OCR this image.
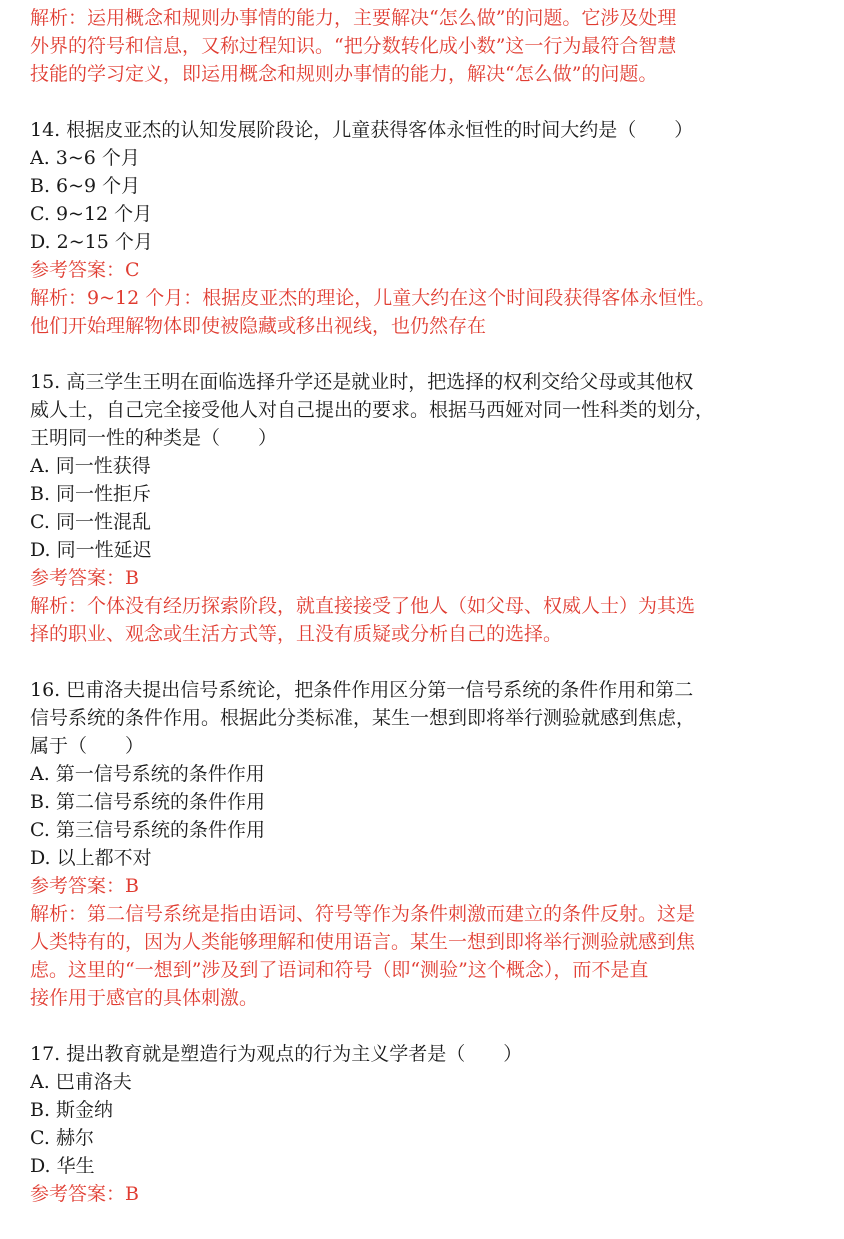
解析：运用概念和规则办事情的能力，主要解决“怎么做”的问题。它涉及处理
外界的符号和信息，又称过程知识。“把分数转化成小数”这一行为最符合智慧
技能的学习定义，即运用概念和规则办事情的能力，解决“怎么做”的问题。
14. 根据皮亚杰的认知发展阶段论，儿童获得客体永恒性的时间大约是（　　）
A. 3~6 个月
B. 6~9 个月
C. 9~12 个月
D. 2~15 个月
参考答案：C
解析：9~12 个月：根据皮亚杰的理论，儿童大约在这个时间段获得客体永恒性。
他们开始理解物体即使被隐藏或移出视线，也仍然存在
15. 高三学生王明在面临选择升学还是就业时，把选择的权利交给父母或其他权
威人士，自己完全接受他人对自己提出的要求。根据马西娅对同一性科类的划分，
王明同一性的种类是（　　）
A. 同一性获得
B. 同一性拒斥
C. 同一性混乱
D. 同一性延迟
参考答案：B
解析：个体没有经历探索阶段，就直接接受了他人（如父母、权威人士）为其选
择的职业、观念或生活方式等，且没有质疑或分析自己的选择。
16. 巴甫洛夫提出信号系统论，把条件作用区分第一信号系统的条件作用和第二
信号系统的条件作用。根据此分类标准，某生一想到即将举行测验就感到焦虑，
属于（　　）
A. 第一信号系统的条件作用
B. 第二信号系统的条件作用
C. 第三信号系统的条件作用
D. 以上都不对
参考答案：B
解析：第二信号系统是指由语词、符号等作为条件刺激而建立的条件反射。这是
人类特有的，因为人类能够理解和使用语言。某生一想到即将举行测验就感到焦
虑。这里的“一想到”涉及到了语词和符号（即“测验”这个概念），而不是直
接作用于感官的具体刺激。
17. 提出教育就是塑造行为观点的行为主义学者是（　　）
A. 巴甫洛夫
B. 斯金纳
C. 赫尔
D. 华生
参考答案：B
